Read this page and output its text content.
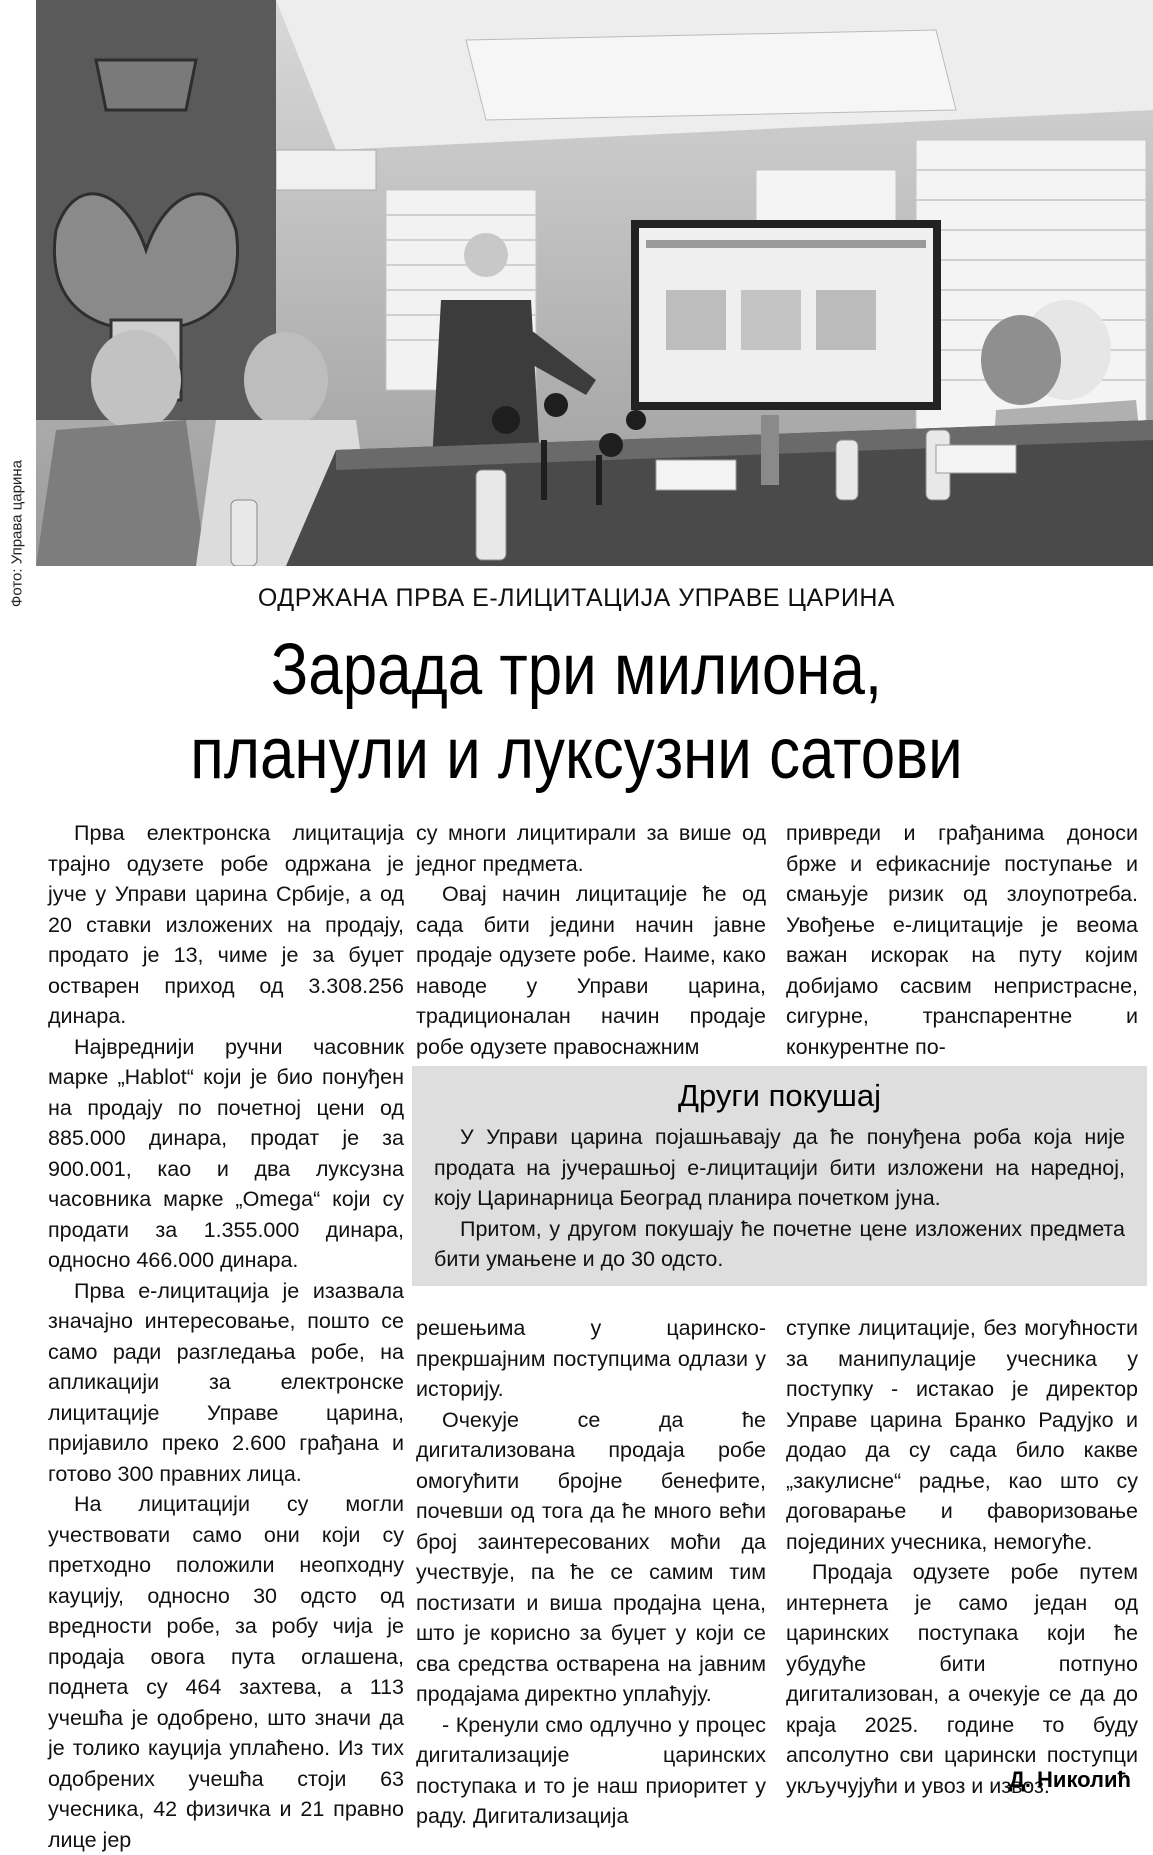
Фото: Управа царина	ОДРЖАНА ПРВА Е-ЛИЦИТАЦИЈА УПРАВЕ ЦАРИНА
Зарада три милиона,
планули и луксузни сатови

Прва електронска лицитација трајно одузете робе одржана је јуче у Управи царина Србије, а од 20 ставки изложених на продају, продато је 13, чиме је за буџет остварен приход од 3.308.256 динара.

Највреднији ручни часовник марке „Hablot“ који је био понуђен на продају по почетној цени од 885.000 динара, продат је за 900.001, као и два луксузна часовника марке „Omega“ који су продати за 1.355.000 динара, односно 466.000 динара.

Прва е-лицитација је изазвала значајно интересовање, пошто се само ради разгледања робе, на апликацији за електронске лицитације Управе царина, пријавило преко 2.600 грађана и готово 300 правних лица.

На лицитацији су могли учествовати само они који су претходно положили неопходну кауцију, односно 30 одсто од вредности робе, за робу чија је продаја овога пута оглашена, поднета су 464 захтева, а 113 учешћа је одобрено, што значи да је толико кауција уплаћено. Из тих одобрених учешћа стоји 63 учесника, 42 физичка и 21 правно лице јер

су многи лицитирали за више од једног предмета.

Овај начин лицитације ће од сада бити једини начин јавне продаје одузете робе. Наиме, како наводе у Управи царина, традиционалан начин продаје робе одузете правоснажним

привреди и грађанима доноси брже и ефикасније поступање и смањује ризик од злоупотреба. Увођење е-лицитације је веома важан искорак на путу којим добијамо сасвим непристрасне, сигурне, транспарентне и конкурентне по-

Други покушај

У Управи царина појашњавају да ће понуђена роба која није продата на јучерашњој е-лицитацији бити изложени на наредној, коју Царинарница Београд планира почетком јуна.

Притом, у другом покушају ће почетне цене изложених предмета бити умањене и до 30 одсто.

решењима у царинско-прекршајним поступцима одлази у историју.

Очекује се да ће дигитализована продаја робе омогућити бројне бенефите, почевши од тога да ће много већи број заинтересованих моћи да учествује, па ће се самим тим постизати и виша продајна цена, што је корисно за буџет у који се сва средства остварена на јавним продајама директно уплаћују.

- Кренули смо одлучно у процес дигитализације царинских поступака и то је наш приоритет у раду. Дигитализација

ступке лицитације, без могућности за манипулације учесника у поступку - истакао је директор Управе царина Бранко Радујко и додао да су сада било какве „закулисне“ радње, као што су договарање и фаворизовање појединих учесника, немогуће.

Продаја одузете робе путем интернета је само један од царинских поступака који ће убудуће бити потпуно дигитализован, а очекује се да до краја 2025. године то буду апсолутно сви царински поступци укључујући и увоз и извоз.

Д. Николић
